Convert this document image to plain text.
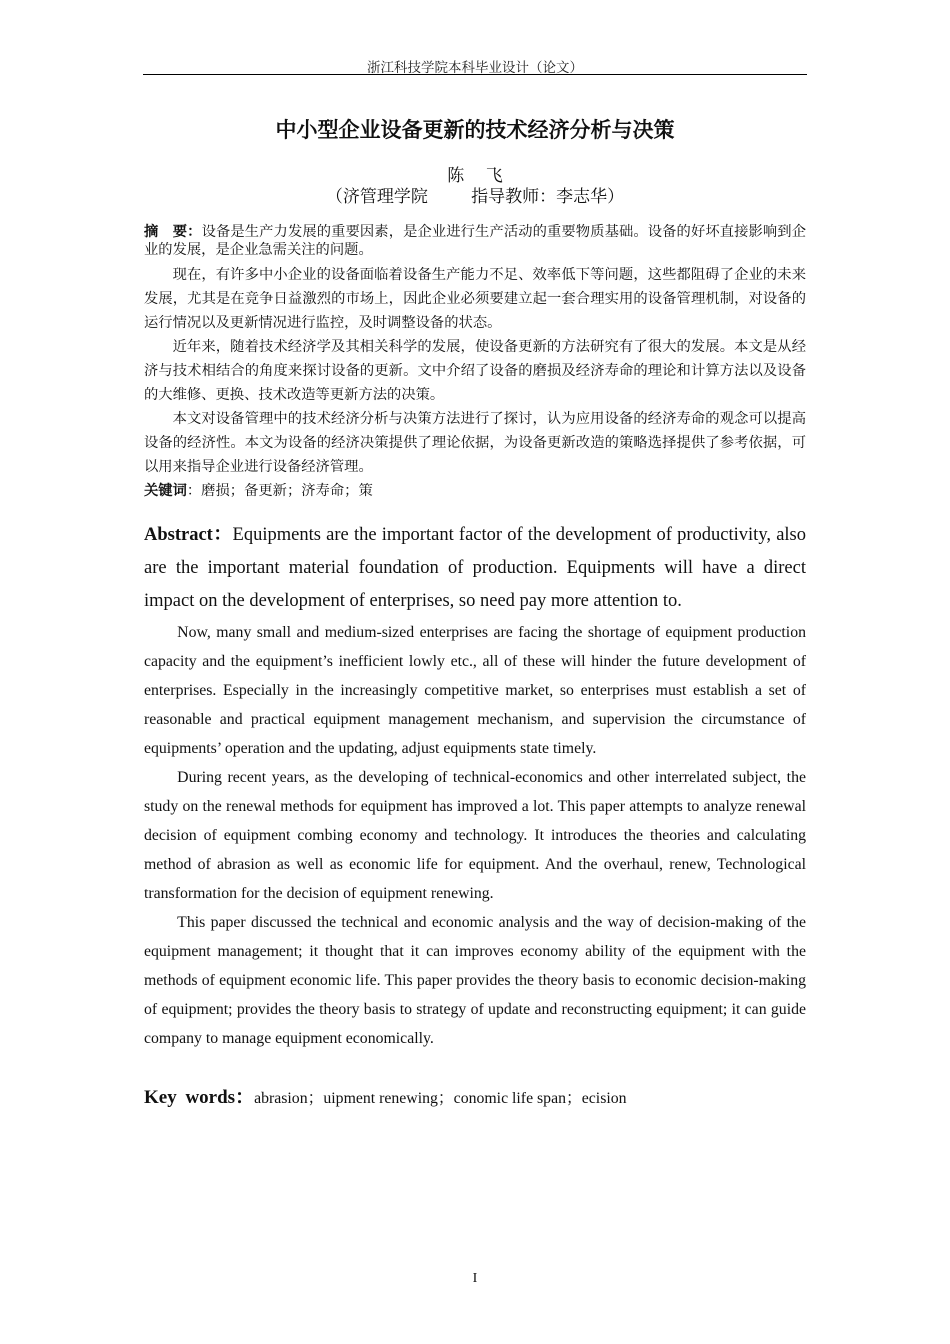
浙江科技学院本科毕业设计（论文）
中小型企业设备更新的技术经济分析与决策
陈    飞
（济管理学院        指导教师：李志华）

摘　要：设备是生产力发展的重要因素，是企业进行生产活动的重要物质基础。设备的好坏直接影响到企业的发展，是企业急需关注的问题。

现在，有许多中小企业的设备面临着设备生产能力不足、效率低下等问题，这些都阻碍了企业的未来发展，尤其是在竞争日益激烈的市场上，因此企业必须要建立起一套合理实用的设备管理机制，对设备的运行情况以及更新情况进行监控，及时调整设备的状态。

近年来，随着技术经济学及其相关科学的发展，使设备更新的方法研究有了很大的发展。本文是从经济与技术相结合的角度来探讨设备的更新。文中介绍了设备的磨损及经济寿命的理论和计算方法以及设备的大维修、更换、技术改造等更新方法的决策。

本文对设备管理中的技术经济分析与决策方法进行了探讨，认为应用设备的经济寿命的观念可以提高设备的经济性。本文为设备的经济决策提供了理论依据，为设备更新改造的策略选择提供了参考依据，可以用来指导企业进行设备经济管理。

关键词：磨损；备更新；济寿命；策

Abstract：Equipments are the important factor of the development of productivity, also are the important material foundation of production. Equipments will have a direct impact on the development of enterprises, so need pay more attention to.

Now, many small and medium-sized enterprises are facing the shortage of equipment production capacity and the equipment’s inefficient lowly etc., all of these will hinder the future development of enterprises. Especially in the increasingly competitive market, so enterprises must establish a set of reasonable and practical equipment management mechanism, and supervision the circumstance of equipments’ operation and the updating, adjust equipments state timely.

During recent years, as the developing of technical-economics and other interrelated subject, the study on the renewal methods for equipment has improved a lot. This paper attempts to analyze renewal decision of equipment combing economy and technology. It introduces the theories and calculating method of abrasion as well as economic life for equipment. And the overhaul, renew, Technological transformation for the decision of equipment renewing.

This paper discussed the technical and economic analysis and the way of decision-making of the equipment management; it thought that it can improves economy ability of the equipment with the methods of equipment economic life. This paper provides the theory basis to economic decision-making of equipment; provides the theory basis to strategy of update and reconstructing equipment; it can guide company to manage equipment economically.

Key words：abrasion；uipment renewing；conomic life span；ecision
I
